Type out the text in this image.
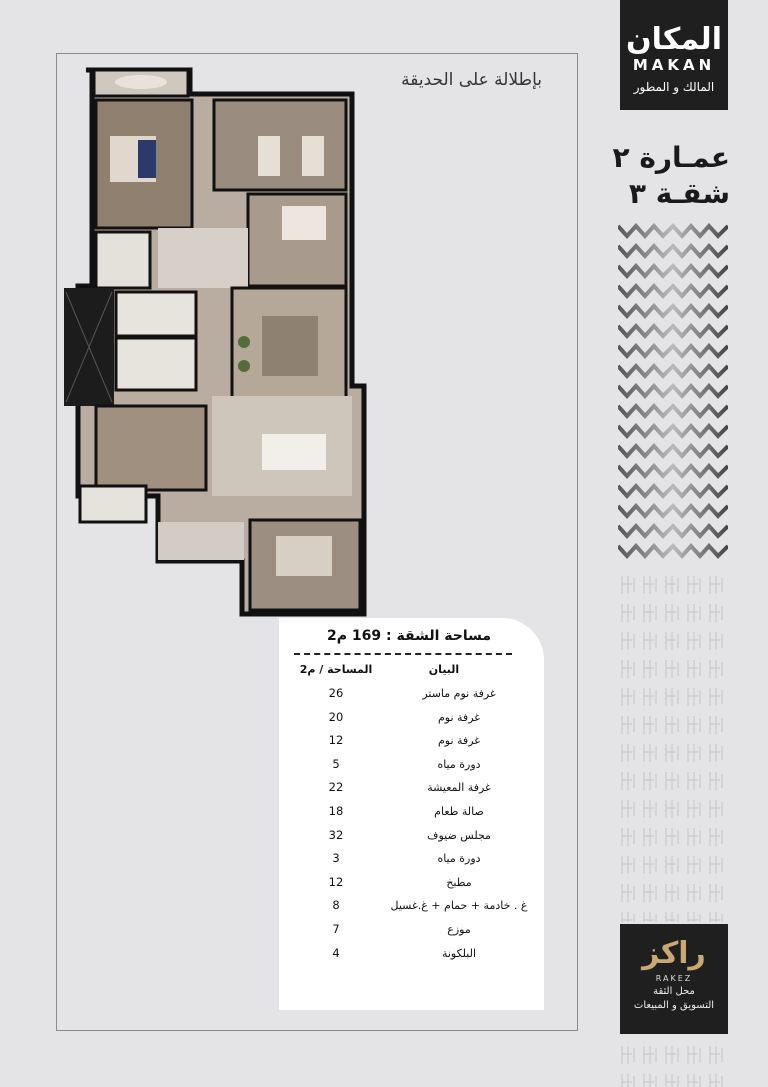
بإطلالة على الحديقة
المكان
MAKAN
المالك و المطور
عمـارة ٢
شقـة ٣
مساحة الشقة : 169 م2
البيان
المساحة / م2
غرفة نوم ماستر
26
غرفة نوم
20
غرفة نوم
12
دورة مياه
5
غرفة المعيشة
22
صالة طعام
18
مجلس ضيوف
32
دورة مياه
3
مطبخ
12
غ . خادمة + حمام + غ.غسيل
8
موزع
7
البلكونة
4	راكز
RAKEZ
محل الثقة
التسويق و المبيعات
